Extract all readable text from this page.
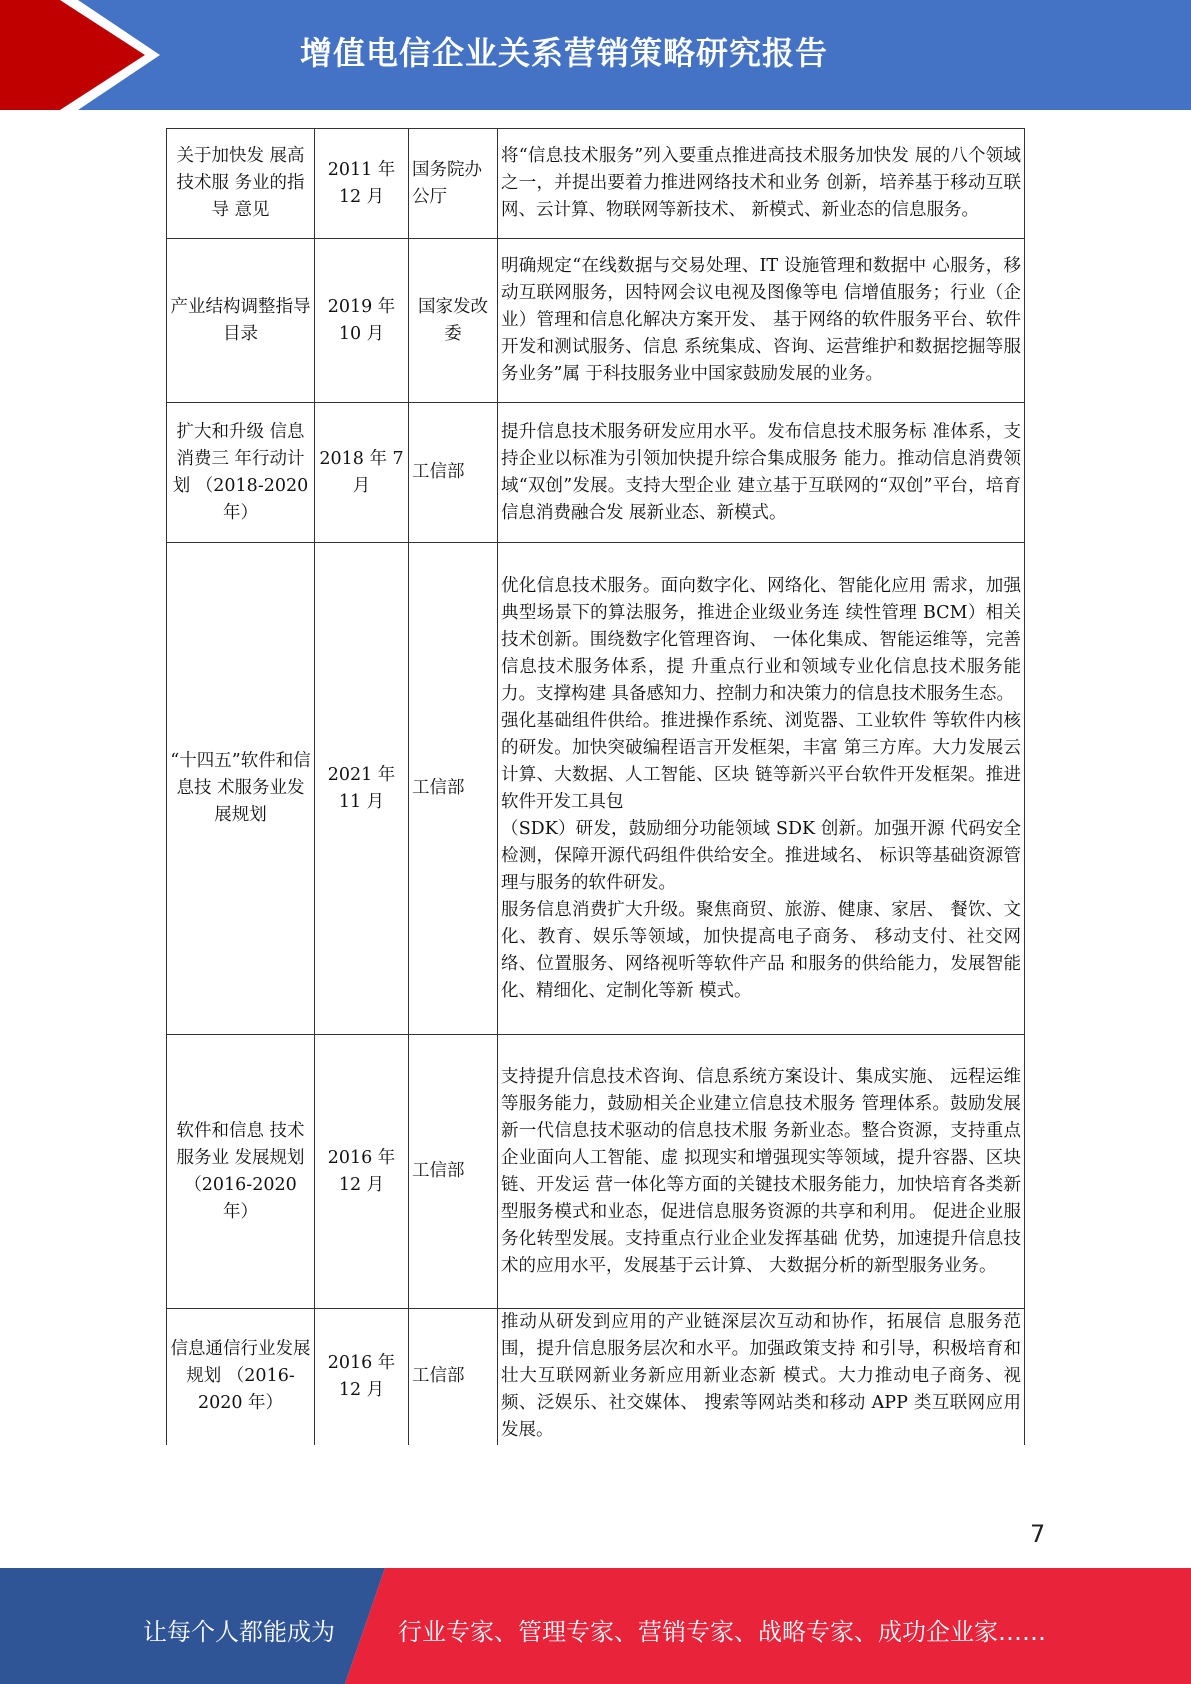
增值电信企业关系营销策略研究报告
关于加快发 展高技术服 务业的指导 意见	2011 年 12 月	国务院办公厅	将“信息技术服务”列入要重点推进高技术服务加快发 展的八个领域之一，并提出要着力推进网络技术和业务 创新，培养基于移动互联网、云计算、物联网等新技术、 新模式、新业态的信息服务。

产业结构调整指导目录	2019 年 10 月	国家发改委	明确规定“在线数据与交易处理、IT 设施管理和数据中 心服务，移动互联网服务，因特网会议电视及图像等电 信增值服务；行业（企业）管理和信息化解决方案开发、 基于网络的软件服务平台、软件开发和测试服务、信息 系统集成、咨询、运营维护和数据挖掘等服务业务”属 于科技服务业中国家鼓励发展的业务。

扩大和升级 信息消费三 年行动计划 （2018-2020 年）	2018 年 7 月	工信部	提升信息技术服务研发应用水平。发布信息技术服务标 准体系，支持企业以标准为引领加快提升综合集成服务 能力。推动信息消费领域“双创”发展。支持大型企业 建立基于互联网的“双创”平台，培育信息消费融合发 展新业态、新模式。

“十四五”软件和信息技 术服务业发 展规划	2021 年 11 月	工信部	优化信息技术服务。面向数字化、网络化、智能化应用 需求，加强典型场景下的算法服务，推进企业级业务连 续性管理 BCM）相关技术创新。围绕数字化管理咨询、 一体化集成、智能运维等，完善信息技术服务体系，提 升重点行业和领域专业化信息技术服务能力。支撑构建 具备感知力、控制力和决策力的信息技术服务生态。

强化基础组件供给。推进操作系统、浏览器、工业软件 等软件内核的研发。加快突破编程语言开发框架，丰富 第三方库。大力发展云计算、大数据、人工智能、区块 链等新兴平台软件开发框架。推进软件开发工具包

（SDK）研发，鼓励细分功能领域 SDK 创新。加强开源 代码安全检测，保障开源代码组件供给安全。推进域名、 标识等基础资源管理与服务的软件研发。

服务信息消费扩大升级。聚焦商贸、旅游、健康、家居、 餐饮、文化、教育、娱乐等领域，加快提高电子商务、 移动支付、社交网络、位置服务、网络视听等软件产品 和服务的供给能力，发展智能化、精细化、定制化等新 模式。

软件和信息 技术服务业 发展规划 （2016-2020 年）	2016 年 12 月	工信部	支持提升信息技术咨询、信息系统方案设计、集成实施、 远程运维等服务能力，鼓励相关企业建立信息技术服务 管理体系。鼓励发展新一代信息技术驱动的信息技术服 务新业态。整合资源，支持重点企业面向人工智能、虚 拟现实和增强现实等领域，提升容器、区块链、开发运 营一体化等方面的关键技术服务能力，加快培育各类新 型服务模式和业态，促进信息服务资源的共享和利用。 促进企业服务化转型发展。支持重点行业企业发挥基础 优势，加速提升信息技术的应用水平，发展基于云计算、 大数据分析的新型服务业务。

信息通信行业发展规划 （2016-2020 年）	2016 年 12 月	工信部	推动从研发到应用的产业链深层次互动和协作，拓展信 息服务范围，提升信息服务层次和水平。加强政策支持 和引导，积极培育和壮大互联网新业务新应用新业态新 模式。大力推动电子商务、视频、泛娱乐、社交媒体、 搜索等网站类和移动 APP 类互联网应用发展。

7
让每个人都能成为	行业专家、管理专家、营销专家、战略专家、成功企业家……
